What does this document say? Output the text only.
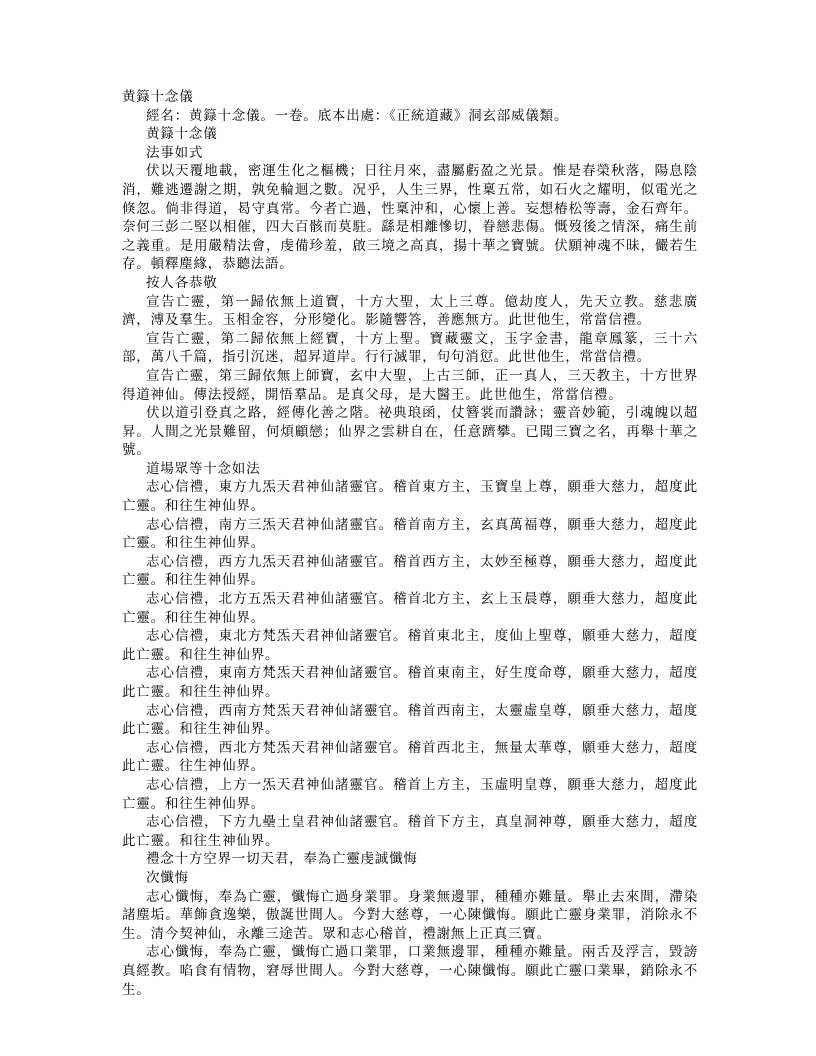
黄籙十念儀

經名：黄籙十念儀。一卷。底本出處：《正統道藏》洞玄部威儀類。

黄籙十念儀

法事如式

伏以天覆地載，密運生化之樞機；日往月來，盡屬虧盈之光景。惟是春榮秋落，陽息陰消，難逃遷謝之期，孰免輪迴之數。况乎，人生三界，性稟五常，如石火之耀明，似電光之倏忽。倘非得道，曷守真常。今者亡過，性稟沖和，心懷上善。妄想椿松等壽，金石齊年。奈何三彭二堅以相催，四大百骸而莫駐。繇是相離慘切，眷戀悲傷。慨歿後之情深，痛生前之義重。是用嚴精法會，虔備珍羞，啟三境之高真，揚十華之寶號。伏願神魂不昧，儼若生存。頓釋塵緣，恭聽法語。

按人各恭敬

宣告亡靈，第一歸依無上道寶，十方大聖，太上三尊。億劫度人，先天立教。慈悲廣濟，溥及羣生。玉相金容，分形變化。影隨響答，善應無方。此世他生，常當信禮。

宣告亡靈，第二歸依無上經寶，十方上聖。寶藏靈文，玉字金書，龍章鳳篆，三十六部，萬八千篇，指引沉迷，超昇道岸。行行滅罪，句句消愆。此世他生，常當信禮。

宣告亡靈，第三歸依無上師寶，玄中大聖，上古三師，正一真人，三天教主，十方世界得道神仙。傳法授經，開悟羣品。是真父母，是大醫王。此世他生，常當信禮。

伏以道引登真之路，經傳化善之階。祕典琅函，仗簪裳而讚詠；靈音妙範，引魂魄以超昇。人間之光景難留，何煩顧戀；仙界之雲耕自在，任意躋攀。已聞三寶之名，再舉十華之號。

道場眾等十念如法

志心信禮，東方九炁天君神仙諸靈官。稽首東方主，玉寶皇上尊，願垂大慈力，超度此亡靈。和往生神仙界。

志心信禮，南方三炁天君神仙諸靈官。稽首南方主，玄真萬福尊，願垂大慈力，超度此亡靈。和往生神仙界。

志心信禮，西方九炁天君神仙諸靈官。稽首西方主，太妙至極尊，願垂大慈力，超度此亡靈。和往生神仙界。

志心信禮，北方五炁天君神仙諸靈官。稽首北方主，玄上玉晨尊，願垂大慈力，超度此亡靈。和往生神仙界。

志心信禮，東北方梵炁天君神仙諸靈官。稽首東北主，度仙上聖尊，願垂大慈力，超度此亡靈。和往生神仙界。

志心信禮，東南方梵炁天君神仙諸靈官。稽首東南主，好生度命尊，願垂大慈力，超度此亡靈。和往生神仙界。

志心信禮，西南方梵炁天君神仙諸靈官。稽首西南主，太靈虛皇尊，願垂大慈力，超度此亡靈。和往生神仙界。

志心信禮，西北方梵炁天君神仙諸靈官。稽首西北主，無量太華尊，願垂大慈力，超度此亡靈。往生神仙界。

志心信禮，上方一炁天君神仙諸靈官。稽首上方主，玉虛明皇尊，願垂大慈力，超度此亡靈。和往生神仙界。

志心信禮，下方九壘土皇君神仙諸靈官。稽首下方主，真皇洞神尊，願垂大慈力，超度此亡靈。和往生神仙界。

禮念十方空界一切天君，奉為亡靈虔誠懺悔

次懺悔

志心懺悔，奉為亡靈，懺悔亡過身業罪。身業無邊罪，種種亦難量。舉止去來間，滯染諸塵垢。華飾貪逸樂，傲誕世間人。今對大慈尊，一心陳懺悔。願此亡靈身業罪，消除永不生。清今契神仙，永離三途苦。眾和志心稽首，禮謝無上正真三寶。

志心懺悔，奉為亡靈，懺悔亡過口業罪，口業無邊罪，種種亦難量。兩舌及浮言，毀謗真經教。啗食有情物，窘辱世間人。今對大慈尊，一心陳懺悔。願此亡靈口業畢，銷除永不生。
